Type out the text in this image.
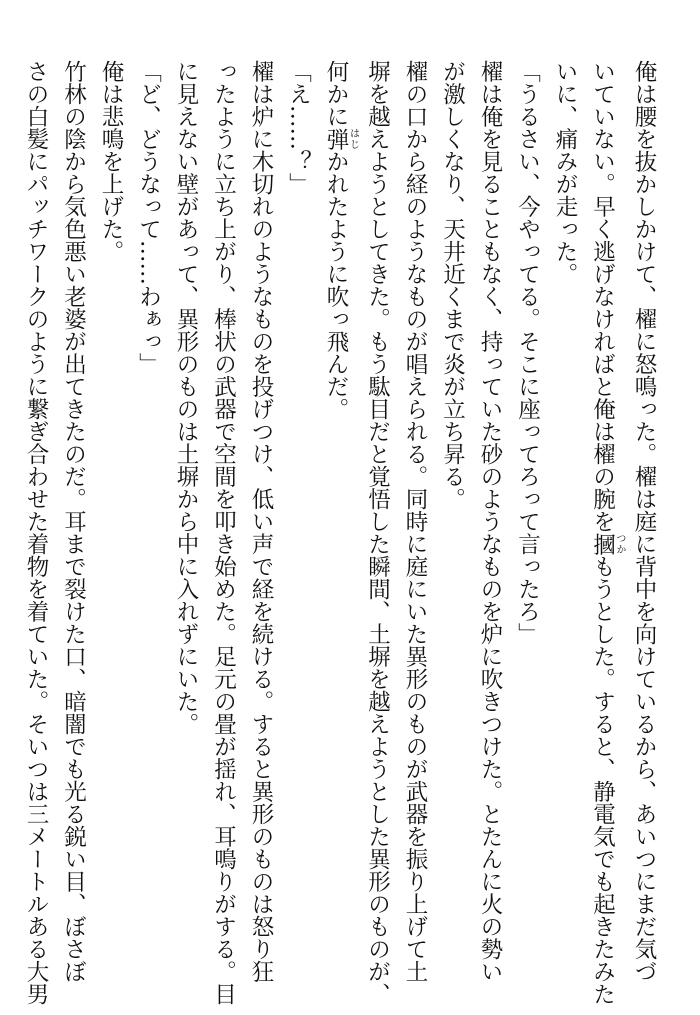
俺は腰を抜かしかけて、櫂に怒鳴った。櫂は庭に背中を向けているから、あいつにまだ気づ
いていない。早く逃げなければと俺は櫂の腕を摑つかもうとした。すると、静電気でも起きたみた
いに、痛みが走った。
「うるさい、今やってる。そこに座ってろって言ったろ」
櫂は俺を見ることもなく、持っていた砂のようなものを炉に吹きつけた。とたんに火の勢い
が激しくなり、天井近くまで炎が立ち昇る。
櫂の口から経のようなものが唱えられる。同時に庭にいた異形のものが武器を振り上げて土
塀を越えようとしてきた。もう駄目だと覚悟した瞬間、土塀を越えようとした異形のものが、
何かに弾はじかれたように吹っ飛んだ。
「え……？」
櫂は炉に木切れのようなものを投げつけ、低い声で経を続ける。すると異形のものは怒り狂
ったように立ち上がり、棒状の武器で空間を叩き始めた。足元の畳が揺れ、耳鳴りがする。目
に見えない壁があって、異形のものは土塀から中に入れずにいた。
「ど、どうなって……わぁっ」
俺は悲鳴を上げた。
竹林の陰から気色悪い老婆が出てきたのだ。耳まで裂けた口、暗闇でも光る鋭い目、ぼさぼ
さの白髪にパッチワークのように繋ぎ合わせた着物を着ていた。そいつは三メートルある大男
